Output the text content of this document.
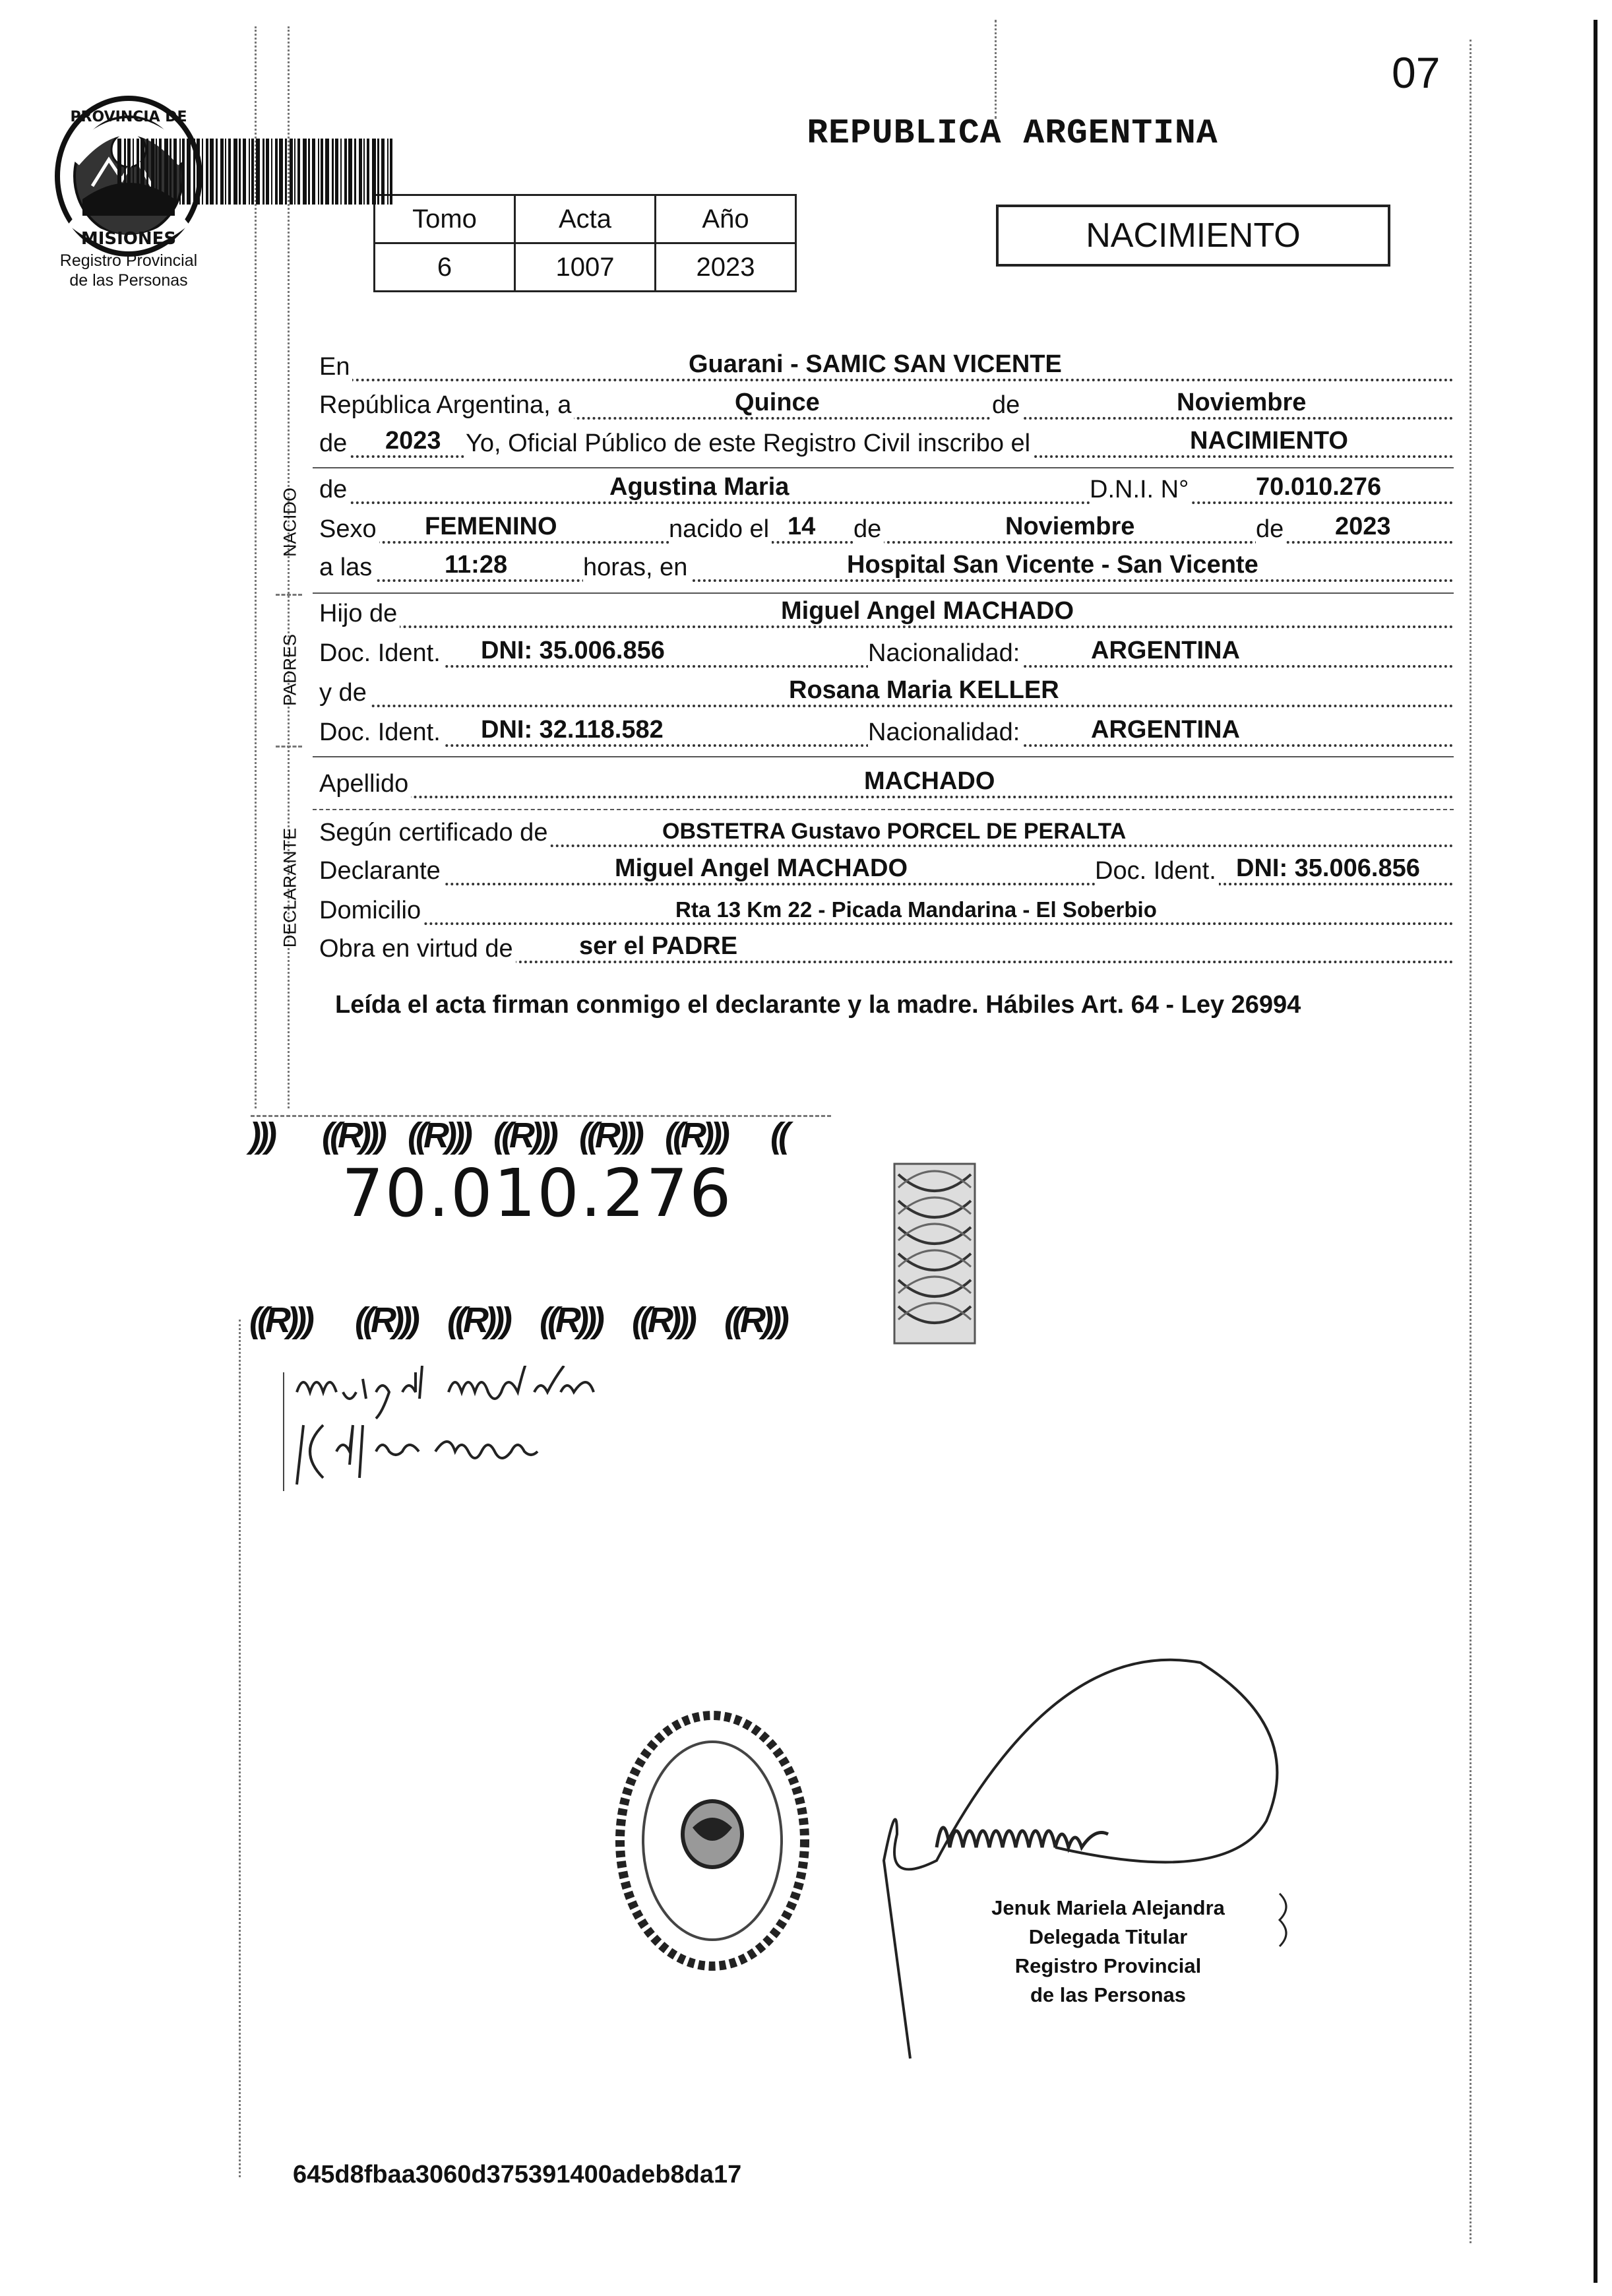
PROVINCIA DE
MISIONES
Registro Provincial
de las Personas
07
REPUBLICA ARGENTINA
Tomo	Acta	Año
6	1007	2023
NACIMIENTO
NACIDO
PADRES
DECLARANTE
En	Guarani - SAMIC SAN VICENTE
República Argentina, a	Quince	de	Noviembre
de 2023 Yo, Oficial Público de este Registro Civil inscribo el	NACIMIENTO
de	Agustina Maria	D.N.I. N°	70.010.276
Sexo FEMENINO	nacido el 14 de	Noviembre	de 2023
a las	11:28	horas, en	Hospital San Vicente - San Vicente
Hijo de	Miguel Angel MACHADO
Doc. Ident. DNI: 35.006.856	Nacionalidad:	ARGENTINA
y de	Rosana Maria KELLER
Doc. Ident. DNI: 32.118.582	Nacionalidad:	ARGENTINA
Apellido	MACHADO
Según certificado de	OBSTETRA Gustavo PORCEL DE PERALTA
Declarante	Miguel Angel MACHADO	Doc. Ident. DNI: 35.006.856
Domicilio	Rta 13 Km 22 - Picada Mandarina - El Soberbio
Obra en virtud de	ser el PADRE
Leída el acta firman conmigo el declarante y la madre. Hábiles Art. 64 - Ley 26994
))) ((R))) ((R))) ((R))) ((R))) ((R))) ((
70.010.276
((R))) ((R))) ((R))) ((R))) ((R))) ((R)))
Jenuk Mariela Alejandra
Delegada Titular
Registro Provincial
de las Personas
645d8fbaa3060d375391400adeb8da17
